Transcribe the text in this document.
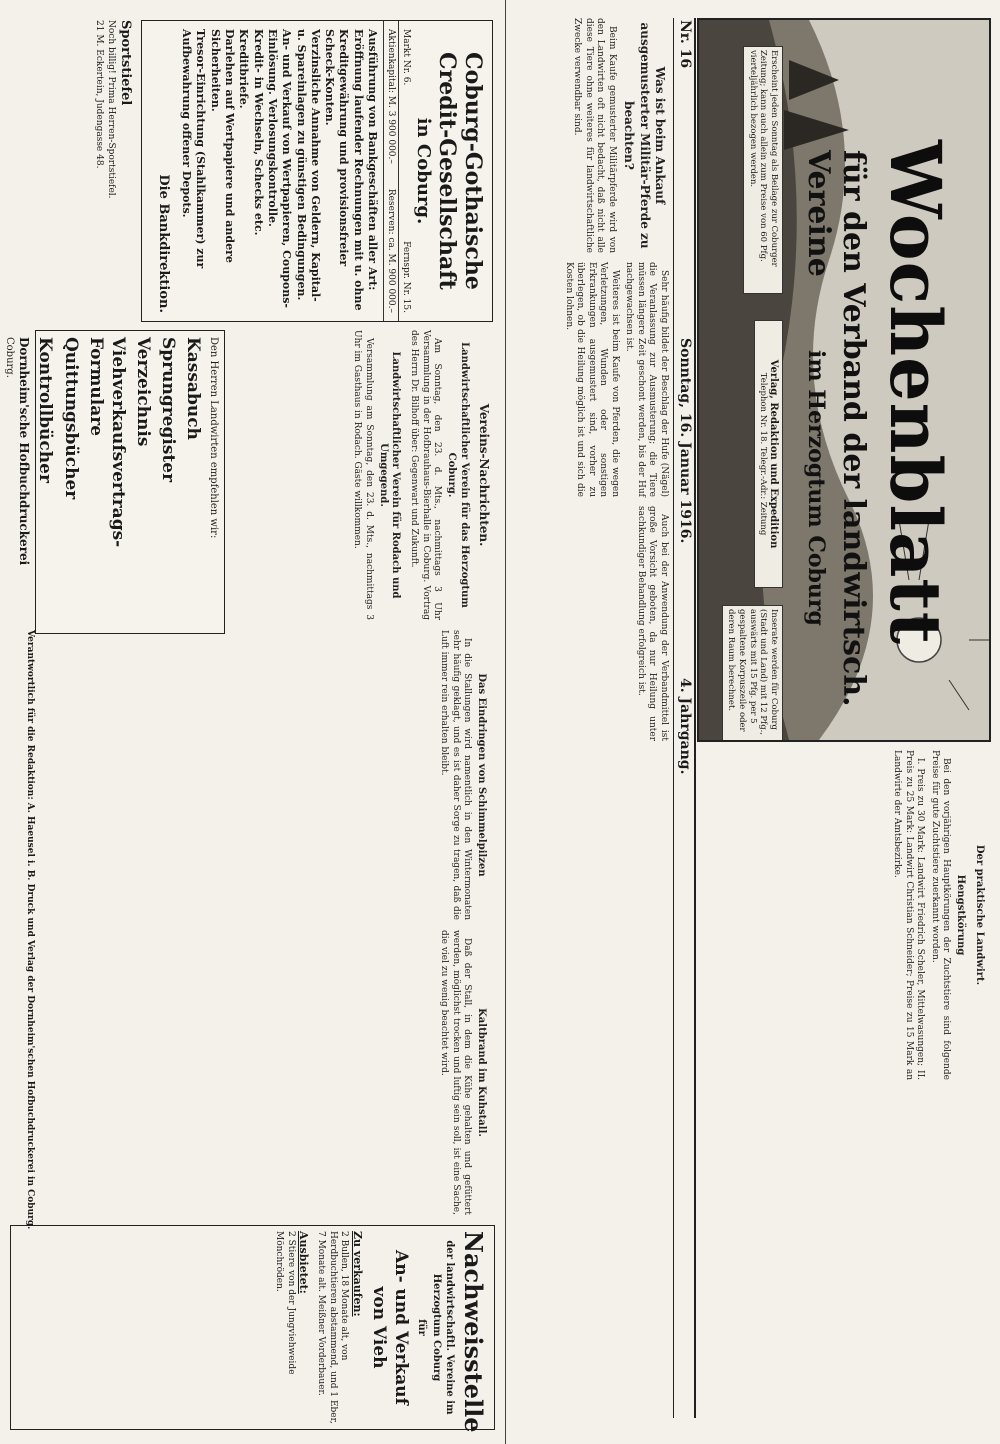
Wochenblatt
für den Verband der landwirtsch. Vereine
im Herzogtum Coburg
Erscheint jeden Sonntag als Beilage zur Coburger Zeitung; kann auch allein zum Preise von 60 Pfg. vierteljährlich bezogen werden.
Verlag, Redaktion und Expedition
Telephon Nr. 18. Telegr.-Adr.: Zeitung
Inserate werden für Coburg (Stadt und Land) mit 12 Pfg., auswärts mit 15 Pfg. per 5 gespaltene Korpuszeile oder deren Raum berechnet.
Nr. 16
Sonntag, 16. Januar 1916.
4. Jahrgang.
Was ist beim Ankauf ausgemusterter Militär-Pferde zu beachten?

Beim Kaufe gemusterter Militärpferde wird von den Landwirten oft nicht bedacht, daß nicht alle diese Tiere ohne weiteres für landwirtschaftliche Zwecke verwendbar sind.

Sehr häufig bildet der Beschlag der Hufe (Nägel) die Veranlassung zur Ausmusterung; die Tiere müssen längere Zeit geschont werden, bis der Huf nachgewachsen ist.

Weiteres ist beim Kaufe von Pferden, die wegen Verletzungen, Wunden oder sonstigen Erkrankungen ausgemustert sind, vorher zu überlegen, ob die Heilung möglich ist und sich die Kosten lohnen.

Auch bei der Anwendung der Verbandmittel ist große Vorsicht geboten, da nur Heilung unter sachkundiger Behandlung erfolgreich ist.

Der praktische Landwirt.
Hengstkörung

Bei den vorjährigen Hauptkörungen der Zuchtstiere sind folgende Preise für gute Zuchtstiere zuerkannt worden.

I. Preis zu 30 Mark: Landwirt Friedrich Scheler, Mittelwasungen; II. Preis zu 25 Mark: Landwirt Christian Schneider; Preise zu 15 Mark an Landwirte der Amtsbezirke.

Nachweisstelle
der landwirtschaftl. Vereine im Herzogtum Coburg
für
An- und Verkauf von Vieh
Zu verkaufen:
2 Bullen, 18 Monate alt, von Herdbuchtieren abstammend, und 1 Eber, 7 Monate alt. Meißner Vorderbauer.
Ausbietet:
2 Stiere von der Jungviehweide Mönchröden.
Kaltbrand im Kuhstall.

Daß der Stall, in dem die Kühe gehalten und gefüttert werden, möglichst trocken und luftig sein soll, ist eine Sache, die viel zu wenig beachtet wird.

Das Eindringen von Schimmelpilzen

In die Stallungen wird namentlich in den Wintermonaten sehr häufig geklagt, und es ist daher Sorge zu tragen, daß die Luft immer rein erhalten bleibt.

Vereins-Nachrichten.
Landwirtschaftlicher Verein für das Herzogtum Coburg.

Am Sonntag, den 23. d. Mts., nachmittags 3 Uhr Versammlung in der Hofbrauhaus-Bierhalle in Coburg. Vortrag des Herrn Dr. Bilhoff über: Gegenwart und Zukunft.

Landwirtschaftlicher Verein für Rodach und Umgegend.

Versammlung am Sonntag, den 23. d. Mts., nachmittags 3 Uhr im Gasthaus in Rodach. Gäste willkommen.

Coburg-Gothaische Credit-Gesellschaft
in Coburg.
Markt Nr. 6.
Fernspr. Nr. 15.
Aktienkapital: M. 3 900 000.–
Reserven: ca. M. 900 000.–
Ausführung von Bankgeschäften aller Art:
Eröffnung laufender Rechnungen mit u. ohne Kreditgewährung und provisionsfreier Scheck-Konten.
Verzinsliche Annahme von Geldern, Kapital- u. Spareinlagen zu günstigen Bedingungen.
An- und Verkauf von Wertpapieren, Coupons-Einlösung. Verlosungskontrolle.
Kredit- in Wechseln, Schecks etc. Kreditbriefe.
Darlehen auf Wertpapiere und andere Sicherheiten.
Tresor-Einrichtung (Stahlkammer) zur Aufbewahrung offener Depots.
Die Bankdirektion.
Sportstiefel
Noch billig! Prima Herren-Sportstiefel.
21 M. Eckertein, Judengasse 48.
Den Herren Landwirten empfehlen wir:
Kassabuch
Sprungregister
Verzeichnis
Viehverkaufsvertrags-Formulare
Quittungsbücher
Kontrollbücher
Dornheim'sche Hofbuchdruckerei
Coburg.
Verantwortlich für die Redaktion: A. Haeusel i. B. Druck und Verlag der Dornheim'schen Hofbuchdruckerei in Coburg.
